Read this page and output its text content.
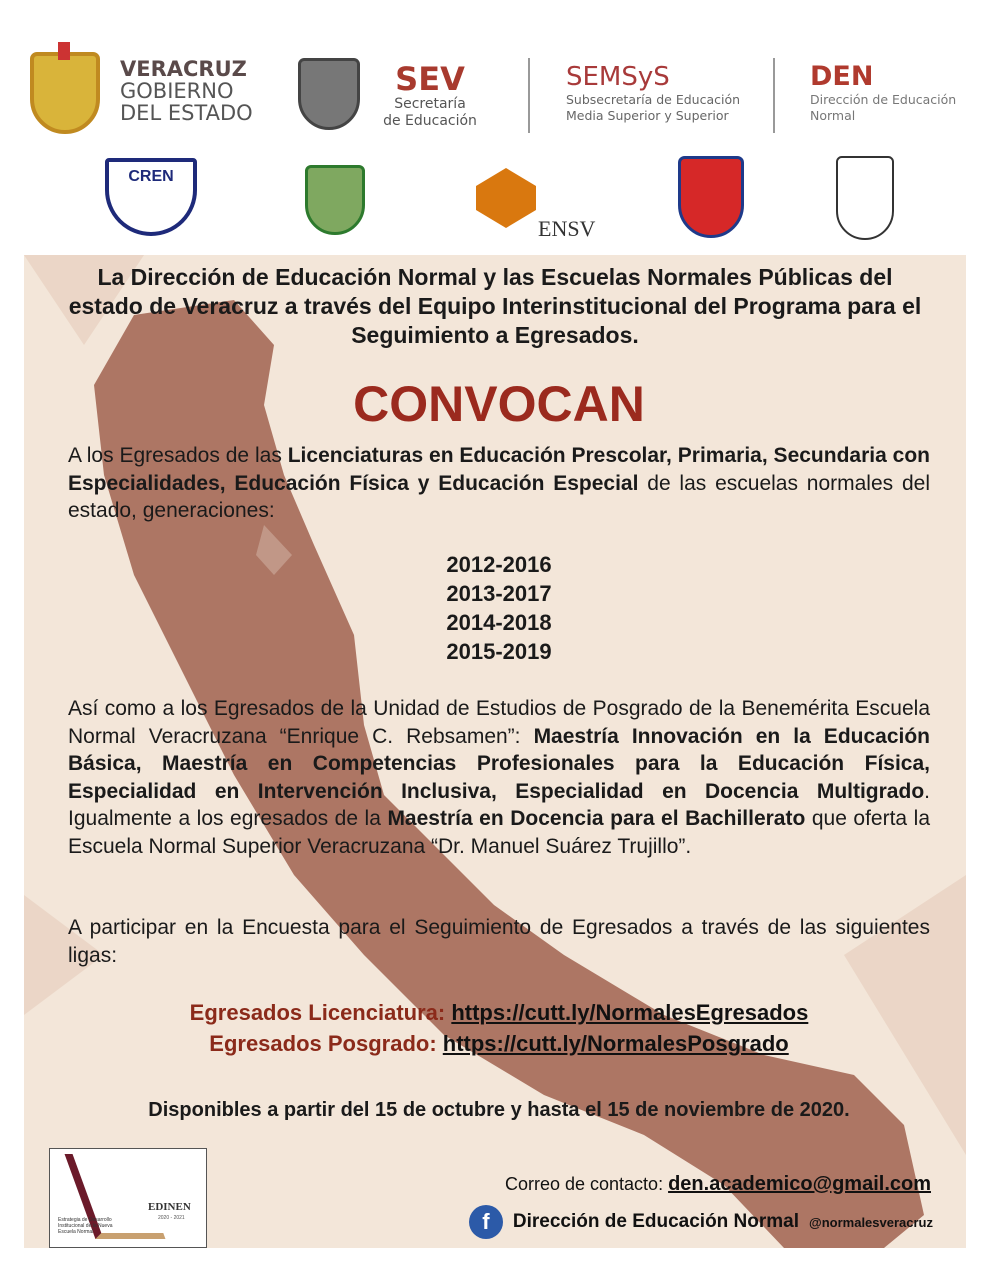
VERACRUZ
GOBIERNO
DEL ESTADO
SEV
Secretaría
de Educación
SEMSyS
Subsecretaría de Educación
Media Superior y Superior
DEN
Dirección de Educación
Normal
CREN
ENSV
La Dirección de Educación Normal y las Escuelas Normales Públicas del estado de Veracruz a través del Equipo Interinstitucional del Programa para el Seguimiento a Egresados.
CONVOCAN
A los Egresados de las Licenciaturas en Educación Prescolar, Primaria, Secundaria con Especialidades, Educación Física y Educación Especial de las escuelas normales del estado, generaciones:
2012-2016
2013-2017
2014-2018
2015-2019
Así como a los Egresados de la Unidad de Estudios de Posgrado de la Benemérita Escuela Normal Veracruzana “Enrique C. Rebsamen”: Maestría Innovación en la Educación Básica, Maestría en Competencias Profesionales para la Educación Física, Especialidad en Intervención Inclusiva, Especialidad en Docencia Multigrado. Igualmente a los egresados de la Maestría en Docencia para el Bachillerato que oferta la Escuela Normal Superior Veracruzana “Dr. Manuel Suárez Trujillo”.
A participar en la Encuesta para el Seguimiento de Egresados a través de las siguientes ligas:
Egresados Licenciatura: https://cutt.ly/NormalesEgresados
Egresados Posgrado: https://cutt.ly/NormalesPosgrado
Disponibles a partir del 15 de octubre y hasta el 15 de noviembre de 2020.
EDINEN
2020 - 2021
Estrategia de Desarrollo Institucional de la Nueva Escuela Normal
Correo de contacto: den.academico@gmail.com
f	Dirección de Educación Normal @normalesveracruz
